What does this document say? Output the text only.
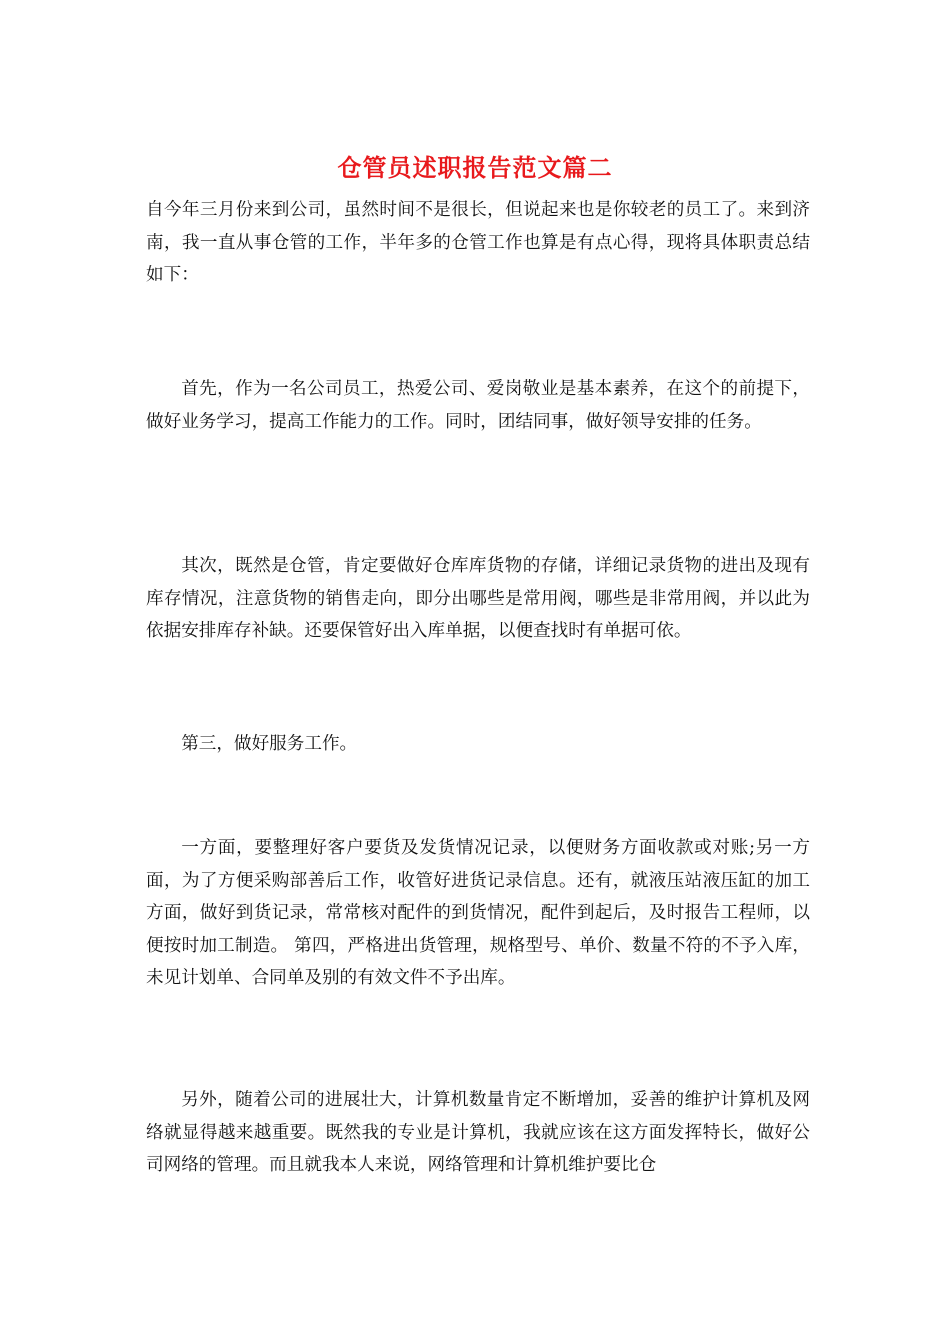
仓管员述职报告范文篇二

自今年三月份来到公司，虽然时间不是很长，但说起来也是你较老的员工了。来到济南，我一直从事仓管的工作，半年多的仓管工作也算是有点心得，现将具体职责总结如下：

首先，作为一名公司员工，热爱公司、爱岗敬业是基本素养，在这个的前提下，做好业务学习，提高工作能力的工作。同时，团结同事，做好领导安排的任务。

其次，既然是仓管，肯定要做好仓库库货物的存储，详细记录货物的进出及现有库存情况，注意货物的销售走向，即分出哪些是常用阀，哪些是非常用阀，并以此为依据安排库存补缺。还要保管好出入库单据，以便查找时有单据可依。

第三，做好服务工作。

一方面，要整理好客户要货及发货情况记录，以便财务方面收款或对账;另一方面，为了方便采购部善后工作，收管好进货记录信息。还有，就液压站液压缸的加工方面，做好到货记录，常常核对配件的到货情况，配件到起后，及时报告工程师，以便按时加工制造。 第四，严格进出货管理，规格型号、单价、数量不符的不予入库，未见计划单、合同单及别的有效文件不予出库。

另外，随着公司的进展壮大，计算机数量肯定不断增加，妥善的维护计算机及网络就显得越来越重要。既然我的专业是计算机，我就应该在这方面发挥特长，做好公司网络的管理。而且就我本人来说，网络管理和计算机维护要比仓
